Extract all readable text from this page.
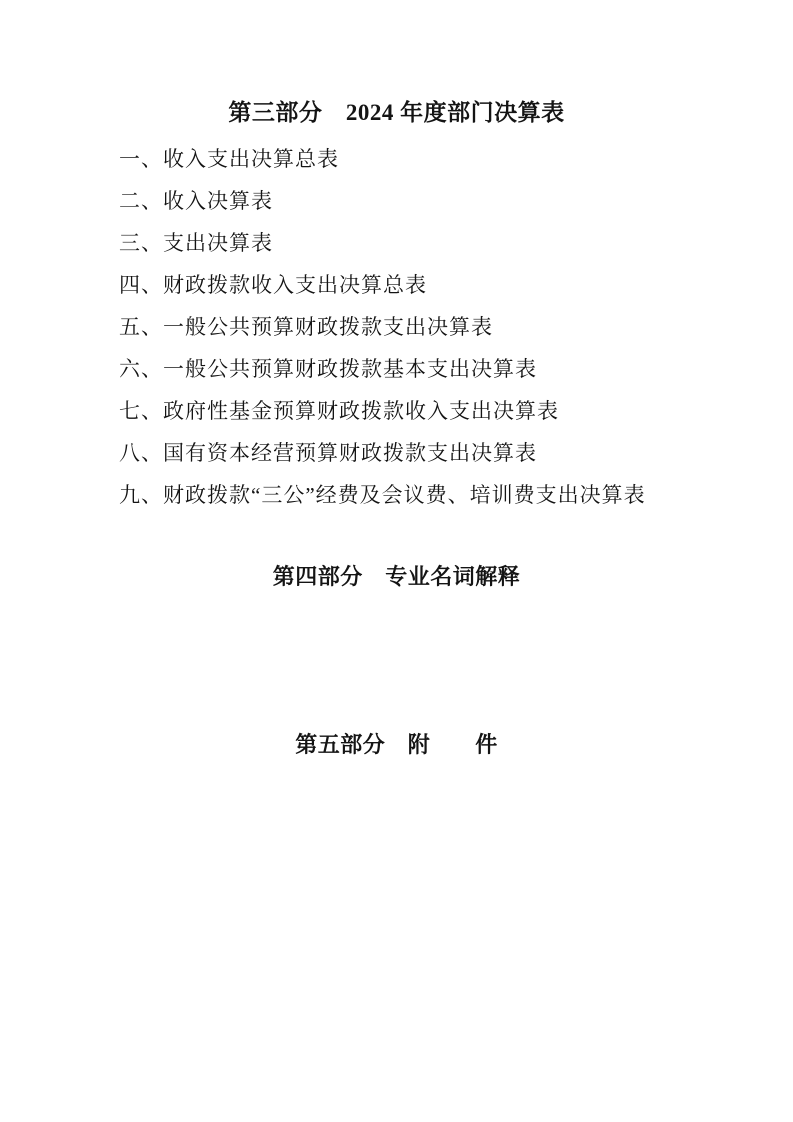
第三部分　2024 年度部门决算表
一、收入支出决算总表
二、收入决算表
三、支出决算表
四、财政拨款收入支出决算总表
五、一般公共预算财政拨款支出决算表
六、一般公共预算财政拨款基本支出决算表
七、政府性基金预算财政拨款收入支出决算表
八、国有资本经营预算财政拨款支出决算表
九、财政拨款“三公”经费及会议费、培训费支出决算表
第四部分　专业名词解释
第五部分　附　　件
